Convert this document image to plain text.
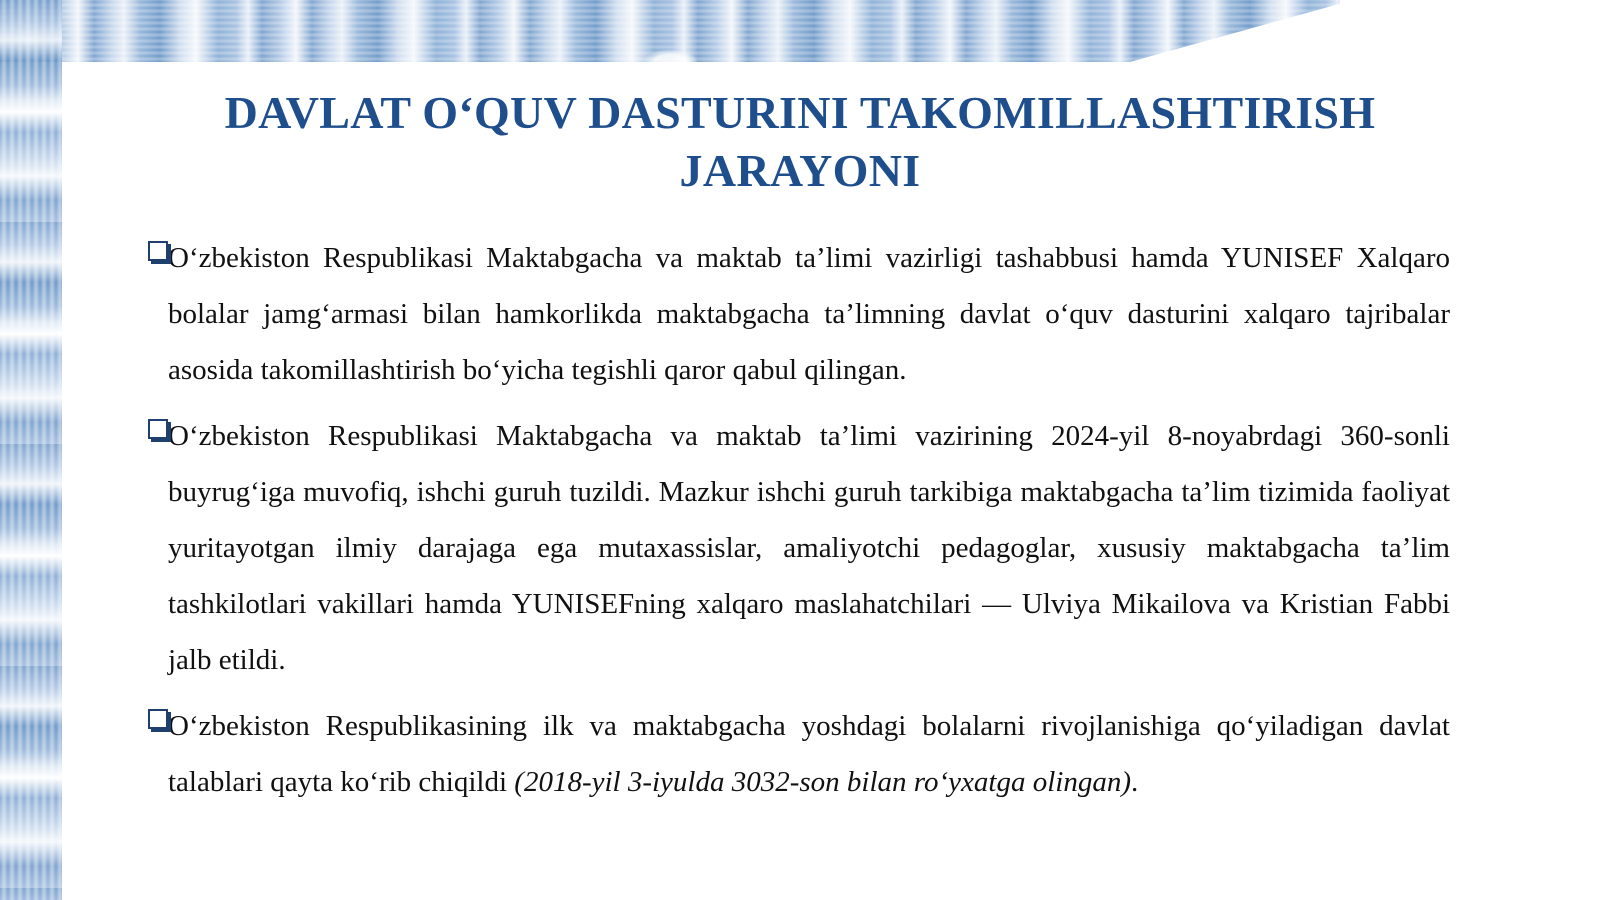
DAVLAT O‘QUV DASTURINI TAKOMILLASHTIRISH
JARAYONI
O‘zbekiston Respublikasi Maktabgacha va maktab ta’limi vazirligi tashabbusi hamda YUNISEF Xalqaro bolalar jamg‘armasi bilan hamkorlikda maktabgacha ta’limning davlat o‘quv dasturini xalqaro tajribalar asosida takomillashtirish bo‘yicha tegishli qaror qabul qilingan.
O‘zbekiston Respublikasi Maktabgacha va maktab ta’limi vazirining 2024-yil 8-noyabrdagi 360-sonli buyrug‘iga muvofiq, ishchi guruh tuzildi. Mazkur ishchi guruh tarkibiga maktabgacha ta’lim tizimida faoliyat yuritayotgan ilmiy darajaga ega mutaxassislar, amaliyotchi pedagoglar, xususiy maktabgacha ta’lim tashkilotlari vakillari hamda YUNISEFning xalqaro maslahatchilari — Ulviya Mikailova va Kristian Fabbi jalb etildi.
O‘zbekiston Respublikasining ilk va maktabgacha yoshdagi bolalarni rivojlanishiga qo‘yiladigan davlat talablari qayta ko‘rib chiqildi (2018-yil 3-iyulda 3032-son bilan ro‘yxatga olingan).
